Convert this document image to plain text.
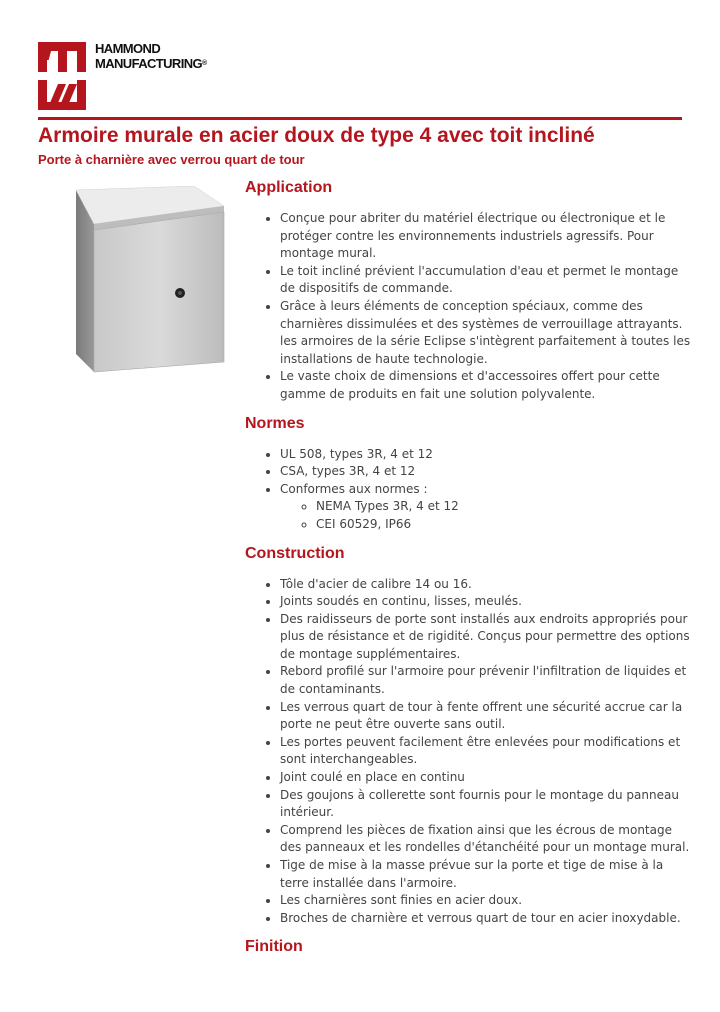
HAMMOND
MANUFACTURING®
Armoire murale en acier doux de type 4 avec toit incliné

Porte à charnière avec verrou quart de tour

Application
• Conçue pour abriter du matériel électrique ou électronique et le protéger contre les environnements industriels agressifs. Pour montage mural.
• Le toit incliné prévient l'accumulation d'eau et permet le montage de dispositifs de commande.
• Grâce à leurs éléments de conception spéciaux, comme des charnières dissimulées et des systèmes de verrouillage attrayants. les armoires de la série Eclipse s'intègrent parfaitement à toutes les installations de haute technologie.
• Le vaste choix de dimensions et d'accessoires offert pour cette gamme de produits en fait une solution polyvalente.
Normes
• UL 508, types 3R, 4 et 12
• CSA, types 3R, 4 et 12
• Conformes aux normes :
◦ NEMA Types 3R, 4 et 12
◦ CEI 60529, IP66
Construction
• Tôle d'acier de calibre 14 ou 16.
• Joints soudés en continu, lisses, meulés.
• Des raidisseurs de porte sont installés aux endroits appropriés pour plus de résistance et de rigidité. Conçus pour permettre des options de montage supplémentaires.
• Rebord profilé sur l'armoire pour prévenir l'infiltration de liquides et de contaminants.
• Les verrous quart de tour à fente offrent une sécurité accrue car la porte ne peut être ouverte sans outil.
• Les portes peuvent facilement être enlevées pour modifications et sont interchangeables.
• Joint coulé en place en continu
• Des goujons à collerette sont fournis pour le montage du panneau intérieur.
• Comprend les pièces de fixation ainsi que les écrous de montage des panneaux et les rondelles d'étanchéité pour un montage mural.
• Tige de mise à la masse prévue sur la porte et tige de mise à la terre installée dans l'armoire.
• Les charnières sont finies en acier doux.
• Broches de charnière et verrous quart de tour en acier inoxydable.
Finition
